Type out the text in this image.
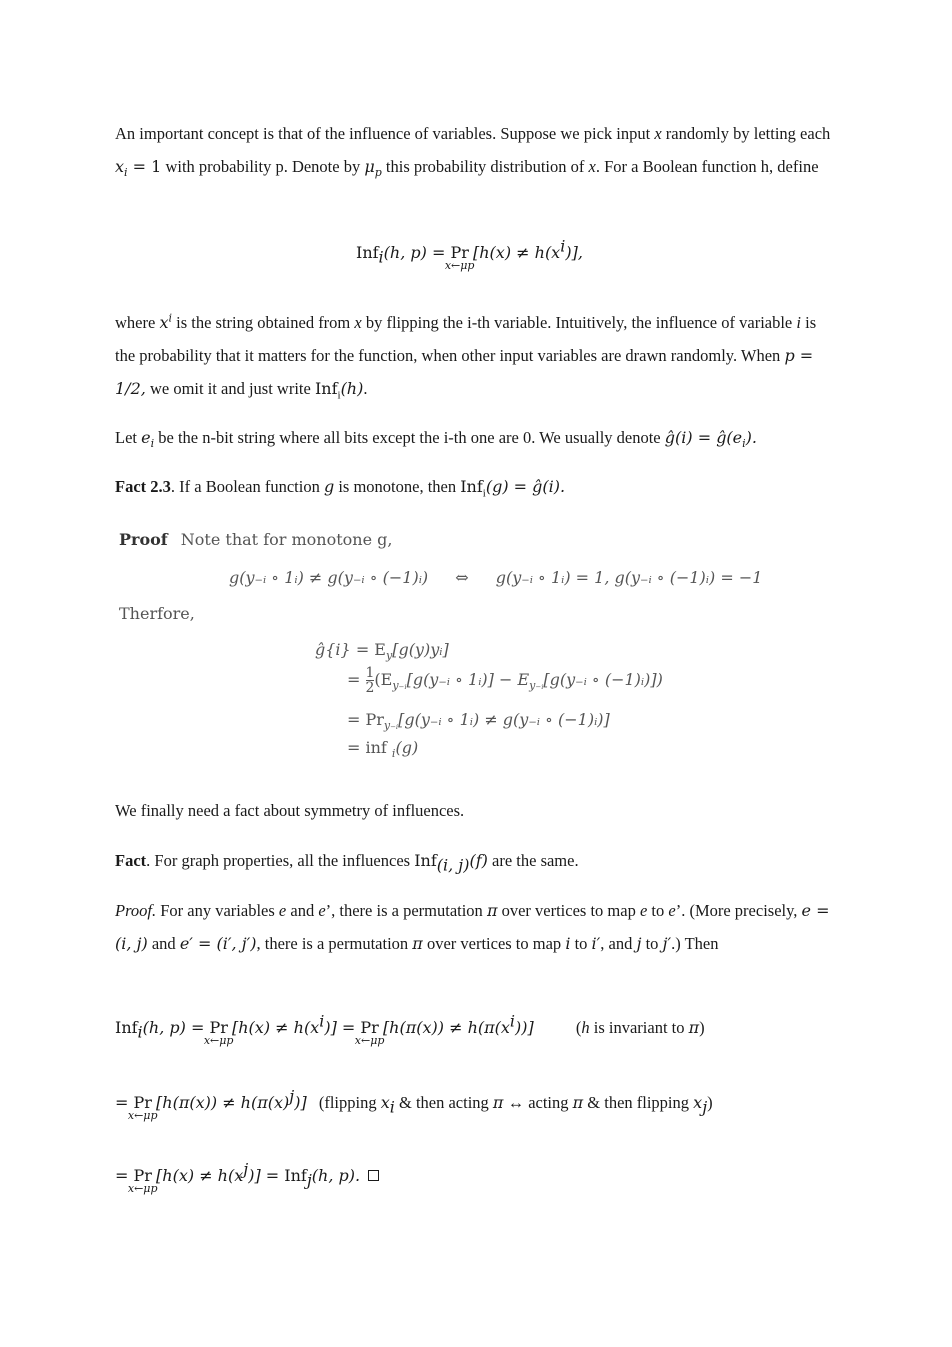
An important concept is that of the influence of variables. Suppose we pick input x randomly by letting each $x_i = 1$ with probability p. Denote by $\mu_p$ this probability distribution of x. For a Boolean function h, define
Inf$_i$(h, p) = Pr
x←μp
$[h(x) \ne h(x^i)]$,
where $x^i$ is the string obtained from x by flipping the i-th variable. Intuitively, the influence of variable i is the probability that it matters for the function, when other input variables are drawn randomly. When p = 1/2, we omit it and just write Inf$_i$(h).
Let $e_i$ be the n-bit string where all bits except the i-th one are 0. We usually denote ĝ(i) = $ĝ(e_i)$.
Fact 2.3. If a Boolean function g is monotone, then Inf$_i$(g) = ĝ(i).
Proof Note that for monotone g,
g(y₋ᵢ ∘ 1ᵢ) ≠ g(y₋ᵢ ∘ (−1)ᵢ) ⇔ g(y₋ᵢ ∘ 1ᵢ) = 1, g(y₋ᵢ ∘ (−1)ᵢ) = −1
Therfore,
ĝ{i} = $E_y[g(y)yᵢ]$
= $\frac{1}{2}$ ($E_{y_-ᵢ}[g(y_-ᵢ$ ∘ 1ᵢ)] − $E_{y_-ᵢ}[g(y_-ᵢ$ ∘ (−1)ᵢ)])
= $Pr_{y_-ᵢ}[g(y_-ᵢ$ ∘ 1ᵢ) ≠ g(y₋ᵢ ∘ (−1)ᵢ)]
= inf $_i$(g)
We finally need a fact about symmetry of influences.
Fact. For graph properties, all the influences Inf$_{(i, j)}$(f) are the same.
Proof. For any variables e and e’, there is a permutation π over vertices to map e to e’. (More precisely, e = (i, j) and e′ = (i′, j′), there is a permutation π over vertices to map i to i′, and j to j′.) Then
Inf$_i$(h, p) = Pr
x←μp
$[h(x) \ne h(x^i)] = Pr$
x←μp
$[h(\pi(x)) \ne h(\pi(x^i))]$	(h is invariant to π)
= Pr
x←μp
$[h(\pi(x)) \ne h(\pi(x)^j)]$ (flipping $x_i$ & then acting π ↔ acting π & then flipping $x_j$)
= Pr
x←μp
$[h(x) \ne h(x^j)] = Inf_j(h$, p).
